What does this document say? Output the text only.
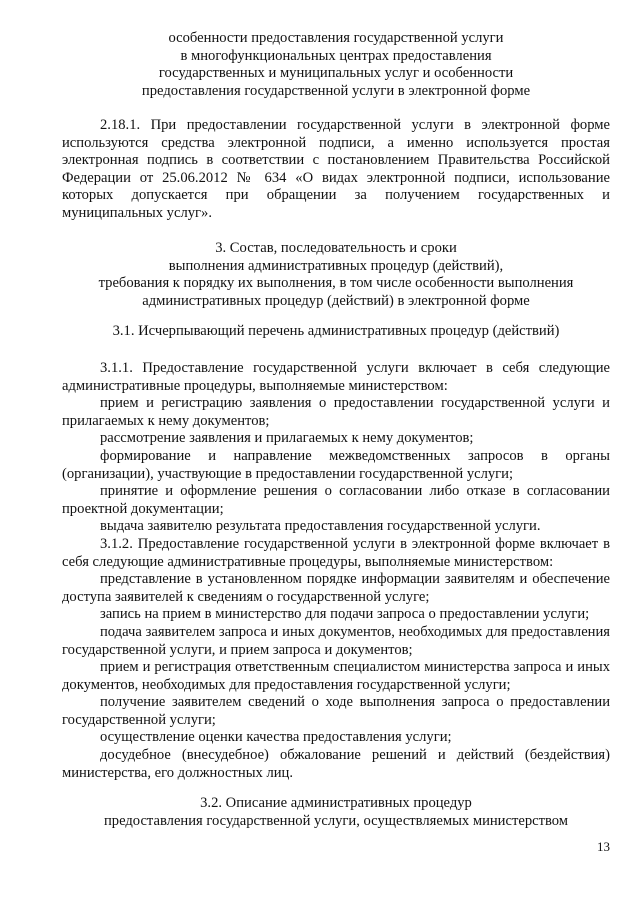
особенности предоставления государственной услуги

в многофункциональных центрах предоставления

государственных и муниципальных услуг и особенности

предоставления государственной услуги в электронной форме

2.18.1. При предоставлении государственной услуги в электронной форме используются средства электронной подписи, а именно используется простая электронная подпись в соответствии с постановлением Правительства Российской Федерации от 25.06.2012 № 634 «О видах электронной подписи, использование которых допускается при обращении за получением государственных и муниципальных услуг».

3. Состав, последовательность и сроки

выполнения административных процедур (действий),

требования к порядку их выполнения, в том числе особенности выполнения

административных процедур (действий) в электронной форме

3.1. Исчерпывающий перечень административных процедур (действий)

3.1.1. Предоставление государственной услуги включает в себя следующие административные процедуры, выполняемые министерством:

прием и регистрацию заявления о предоставлении государственной услуги и прилагаемых к нему документов;

рассмотрение заявления и прилагаемых к нему документов;

формирование и направление межведомственных запросов в органы (организации), участвующие в предоставлении государственной услуги;

принятие и оформление решения о согласовании либо отказе в согласовании проектной документации;

выдача заявителю результата предоставления государственной услуги.

3.1.2. Предоставление государственной услуги в электронной форме включает в себя следующие административные процедуры, выполняемые министерством:

представление в установленном порядке информации заявителям и обеспечение доступа заявителей к сведениям о государственной услуге;

запись на прием в министерство для подачи запроса о предоставлении услуги;

подача заявителем запроса и иных документов, необходимых для предоставления государственной услуги, и прием запроса и документов;

прием и регистрация ответственным специалистом министерства запроса и иных документов, необходимых для предоставления государственной услуги;

получение заявителем сведений о ходе выполнения запроса о предоставлении государственной услуги;

осуществление оценки качества предоставления услуги;

досудебное (внесудебное) обжалование решений и действий (бездействия) министерства, его должностных лиц.

3.2. Описание административных процедур

предоставления государственной услуги, осуществляемых министерством

13
